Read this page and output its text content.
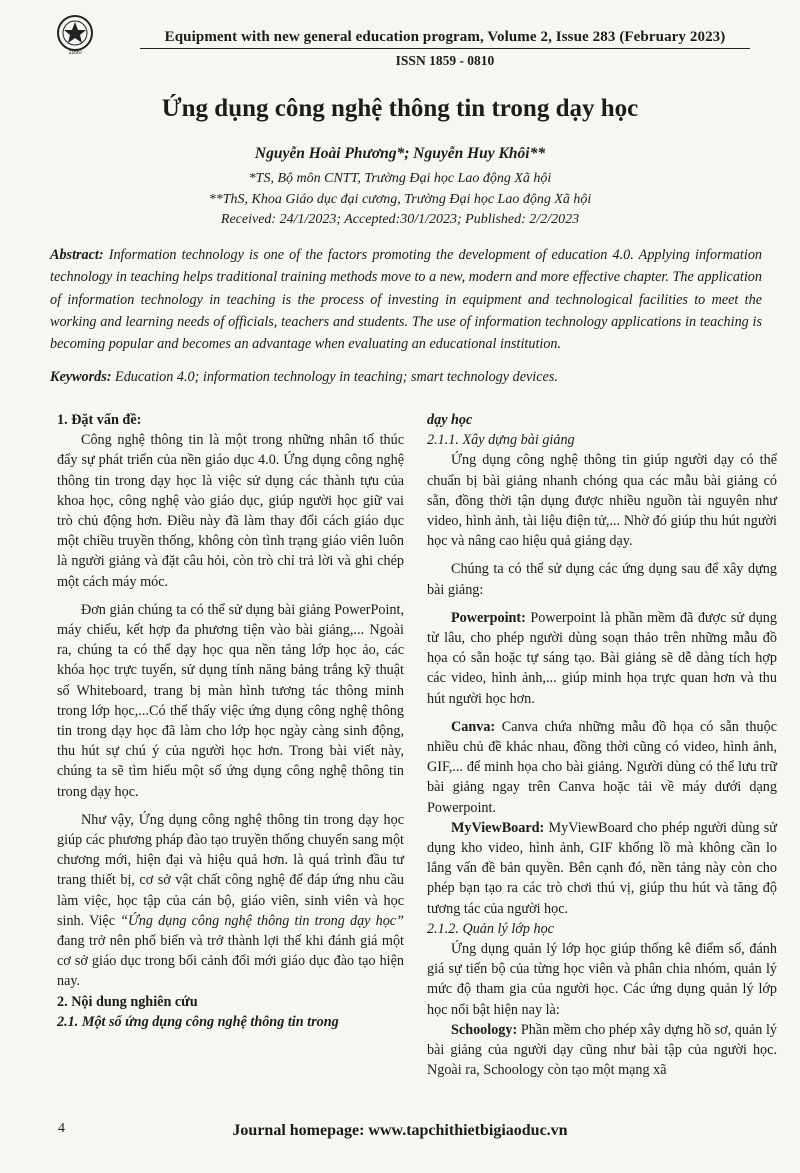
1990
Equipment with new general education program, Volume 2, Issue 283 (February 2023)
ISSN 1859 - 0810
Ứng dụng công nghệ thông tin trong dạy học
Nguyễn Hoài Phương*; Nguyễn Huy Khôi**
*TS, Bộ môn CNTT, Trường Đại học Lao động Xã hội
**ThS, Khoa Giáo dục đại cương, Trường Đại học Lao động Xã hội
Received: 24/1/2023; Accepted:30/1/2023; Published: 2/2/2023
Abstract: Information technology is one of the factors promoting the development of education 4.0. Applying information technology in teaching helps traditional training methods move to a new, modern and more effective chapter. The application of information technology in teaching is the process of investing in equipment and technological facilities to meet the working and learning needs of officials, teachers and students. The use of information technology applications in teaching is becoming popular and becomes an advantage when evaluating an educational institution.
Keywords: Education 4.0; information technology in teaching; smart technology devices.

1. Đặt vấn đề:

Công nghệ thông tin là một trong những nhân tố thúc đẩy sự phát triển của nền giáo dục 4.0. Ứng dụng công nghệ thông tin trong dạy học là việc sử dụng các thành tựu của khoa học, công nghệ vào giáo dục, giúp người học giữ vai trò chủ động hơn. Điều này đã làm thay đổi cách giáo dục một chiều truyền thống, không còn tình trạng giáo viên luôn là người giảng và đặt câu hỏi, còn trò chỉ trả lời và ghi chép một cách máy móc.

Đơn giản chúng ta có thể sử dụng bài giảng PowerPoint, máy chiếu, kết hợp đa phương tiện vào bài giảng,... Ngoài ra, chúng ta có thể dạy học qua nền tảng lớp học ảo, các khóa học trực tuyến, sử dụng tính năng bảng trắng kỹ thuật số Whiteboard, trang bị màn hình tương tác thông minh trong lớp học,...Có thể thấy việc ứng dụng công nghệ thông tin trong dạy học đã làm cho lớp học ngày càng sinh động, thu hút sự chú ý của người học hơn. Trong bài viết này, chúng ta sẽ tìm hiểu một số ứng dụng công nghệ thông tin trong dạy học.

Như vậy, Ứng dụng công nghệ thông tin trong dạy học giúp các phương pháp đào tạo truyền thống chuyển sang một chương mới, hiện đại và hiệu quả hơn. là quá trình đầu tư trang thiết bị, cơ sở vật chất công nghệ để đáp ứng nhu cầu làm việc, học tập của cán bộ, giáo viên, sinh viên và học sinh. Việc “Ứng dụng công nghệ thông tin trong dạy học” đang trở nên phổ biến và trở thành lợi thế khi đánh giá một cơ sở giáo dục trong bối cảnh đổi mới giáo dục đào tạo hiện nay.

2. Nội dung nghiên cứu

2.1. Một số ứng dụng công nghệ thông tin trong

dạy học

2.1.1. Xây dựng bài giảng

Ứng dụng công nghệ thông tin giúp người dạy có thể chuẩn bị bài giảng nhanh chóng qua các mẫu bài giảng có sẵn, đồng thời tận dụng được nhiều nguồn tài nguyên như video, hình ảnh, tài liệu điện tử,... Nhờ đó giúp thu hút người học và nâng cao hiệu quả giảng dạy.

Chúng ta có thể sử dụng các ứng dụng sau để xây dựng bài giảng:

Powerpoint: Powerpoint là phần mềm đã được sử dụng từ lâu, cho phép người dùng soạn thảo trên những mẫu đồ họa có sẵn hoặc tự sáng tạo. Bài giảng sẽ dễ dàng tích hợp các video, hình ảnh,... giúp minh họa trực quan hơn và thu hút người học hơn.

Canva: Canva chứa những mẫu đồ họa có sẵn thuộc nhiều chủ đề khác nhau, đồng thời cũng có video, hình ảnh, GIF,... để minh họa cho bài giảng. Người dùng có thể lưu trữ bài giảng ngay trên Canva hoặc tải về máy dưới dạng Powerpoint.

MyViewBoard: MyViewBoard cho phép người dùng sử dụng kho video, hình ảnh, GIF khổng lồ mà không cần lo lắng vấn đề bản quyền. Bên cạnh đó, nền tảng này còn cho phép bạn tạo ra các trò chơi thú vị, giúp thu hút và tăng độ tương tác của người học.

2.1.2. Quản lý lớp học

Ứng dụng quản lý lớp học giúp thống kê điểm số, đánh giá sự tiến bộ của từng học viên và phân chia nhóm, quản lý mức độ tham gia của người học. Các ứng dụng quản lý lớp học nổi bật hiện nay là:

Schoology: Phần mềm cho phép xây dựng hồ sơ, quản lý bài giảng của người dạy cũng như bài tập của người học. Ngoài ra, Schoology còn tạo một mạng xã

4	Journal homepage: www.tapchithietbigiaoduc.vn
